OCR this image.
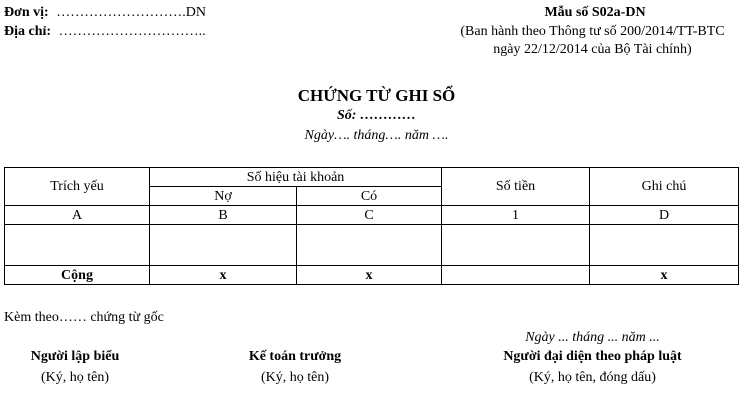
Đơn vị: ……………………….DN
Địa chỉ: …………………………..
Mẫu số S02a-DN
(Ban hành theo Thông tư số 200/2014/TT-BTC
ngày 22/12/2014 của Bộ Tài chính)
CHỨNG TỪ GHI SỔ
Số: …………
Ngày…. tháng…. năm ….
Trích yếu	Số hiệu tài khoản		Số tiền	Ghi chú
	Nợ	Có		
A	B	C	1	D

Cộng	x	x		x
Kèm theo…… chứng từ gốc
Ngày ... tháng ... năm ...
Người lập biểu
(Ký, họ tên)
Kế toán trưởng
(Ký, họ tên)
Người đại diện theo pháp luật
(Ký, họ tên, đóng dấu)
